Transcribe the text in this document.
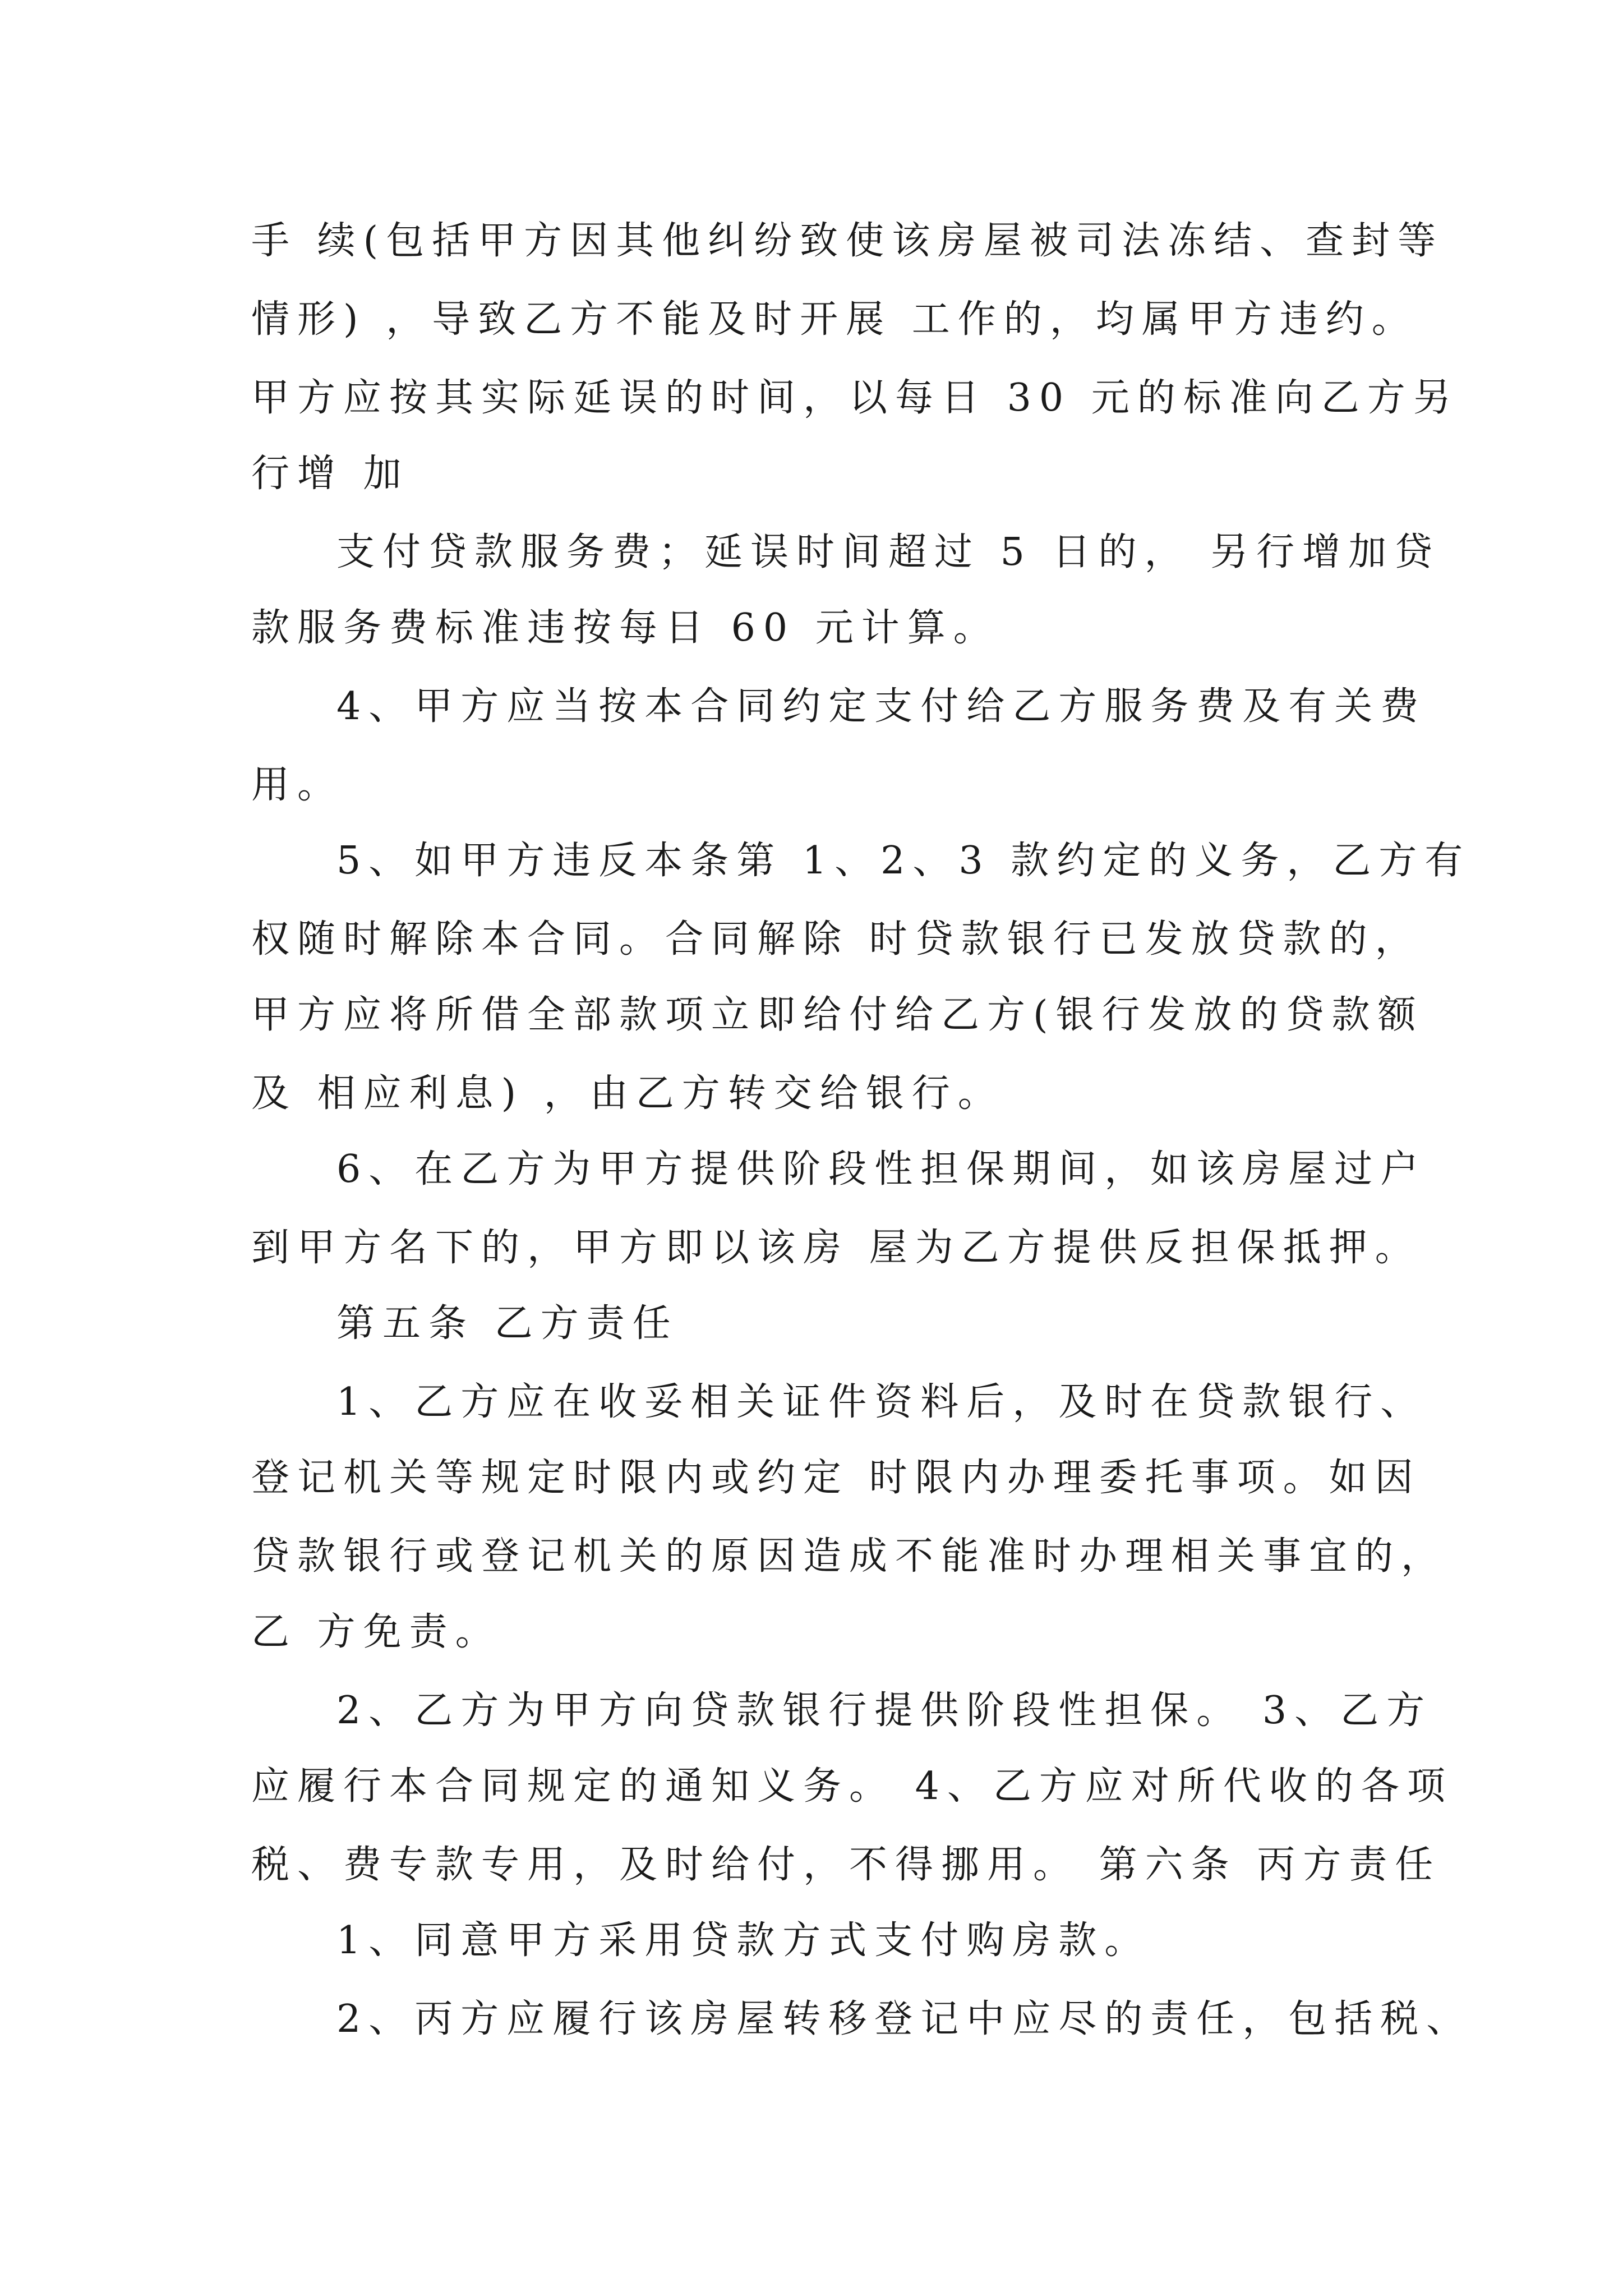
手 续(包括甲方因其他纠纷致使该房屋被司法冻结、查封等
情形) ，导致乙方不能及时开展 工作的，均属甲方违约。
甲方应按其实际延误的时间，以每日 30 元的标准向乙方另
行增 加
支付贷款服务费；延误时间超过 5 日的， 另行增加贷
款服务费标准违按每日 60 元计算。
4、甲方应当按本合同约定支付给乙方服务费及有关费
用。
5、如甲方违反本条第 1、2、3 款约定的义务，乙方有
权随时解除本合同。合同解除 时贷款银行已发放贷款的，
甲方应将所借全部款项立即给付给乙方(银行发放的贷款额
及 相应利息) ，由乙方转交给银行。
6、在乙方为甲方提供阶段性担保期间，如该房屋过户
到甲方名下的，甲方即以该房 屋为乙方提供反担保抵押。
第五条 乙方责任
1、乙方应在收妥相关证件资料后，及时在贷款银行、
登记机关等规定时限内或约定 时限内办理委托事项。如因
贷款银行或登记机关的原因造成不能准时办理相关事宜的，
乙 方免责。
2、乙方为甲方向贷款银行提供阶段性担保。 3、乙方
应履行本合同规定的通知义务。 4、乙方应对所代收的各项
税、费专款专用，及时给付，不得挪用。 第六条 丙方责任
1、同意甲方采用贷款方式支付购房款。
2、丙方应履行该房屋转移登记中应尽的责任，包括税、
